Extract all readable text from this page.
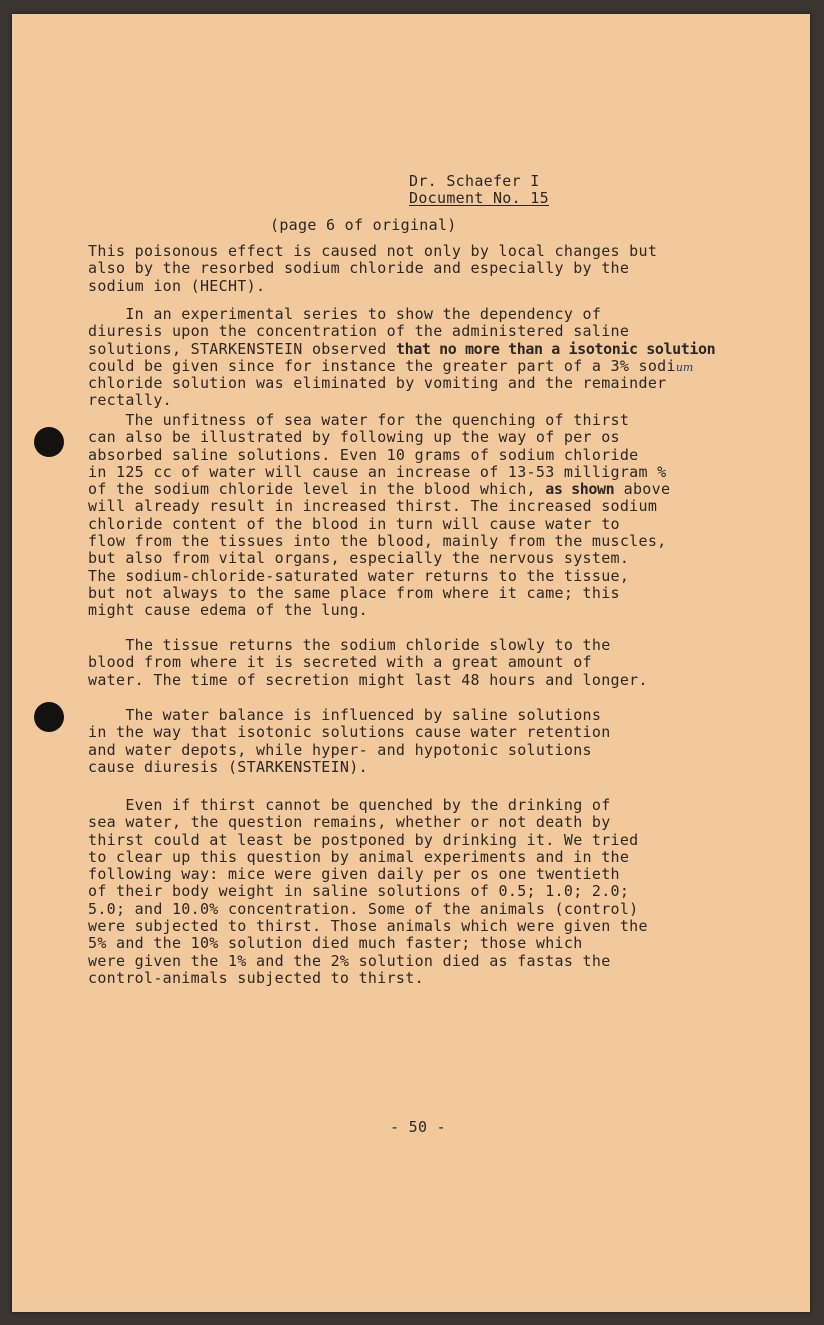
Dr. Schaefer I
Document No. 15
(page 6 of original)
This poisonous effect is caused not only by local changes but
also by the resorbed sodium chloride and especially by the
sodium ion (HECHT).
In an experimental series to show the dependency of
diuresis upon the concentration of the administered saline
solutions, STARKENSTEIN observed that no more than a isotonic solution
could be given since for instance the greater part of a 3% sodium
chloride solution was eliminated by vomiting and the remainder
rectally.
The unfitness of sea water for the quenching of thirst
can also be illustrated by following up the way of per os
absorbed saline solutions. Even 10 grams of sodium chloride
in 125 cc of water will cause an increase of 13-53 milligram %
of the sodium chloride level in the blood which, as shown above
will already result in increased thirst. The increased sodium
chloride content of the blood in turn will cause water to
flow from the tissues into the blood, mainly from the muscles,
but also from vital organs, especially the nervous system.
The sodium-chloride-saturated water returns to the tissue,
but not always to the same place from where it came; this
might cause edema of the lung.
The tissue returns the sodium chloride slowly to the
blood from where it is secreted with a great amount of
water. The time of secretion might last 48 hours and longer.
The water balance is influenced by saline solutions
in the way that isotonic solutions cause water retention
and water depots, while hyper- and hypotonic solutions
cause diuresis (STARKENSTEIN).
Even if thirst cannot be quenched by the drinking of
sea water, the question remains, whether or not death by
thirst could at least be postponed by drinking it. We tried
to clear up this question by animal experiments and in the
following way: mice were given daily per os one twentieth
of their body weight in saline solutions of 0.5; 1.0; 2.0;
5.0; and 10.0% concentration. Some of the animals (control)
were subjected to thirst. Those animals which were given the
5% and the 10% solution died much faster; those which
were given the 1% and the 2% solution died as fastas the
control-animals subjected to thirst.
- 50 -
